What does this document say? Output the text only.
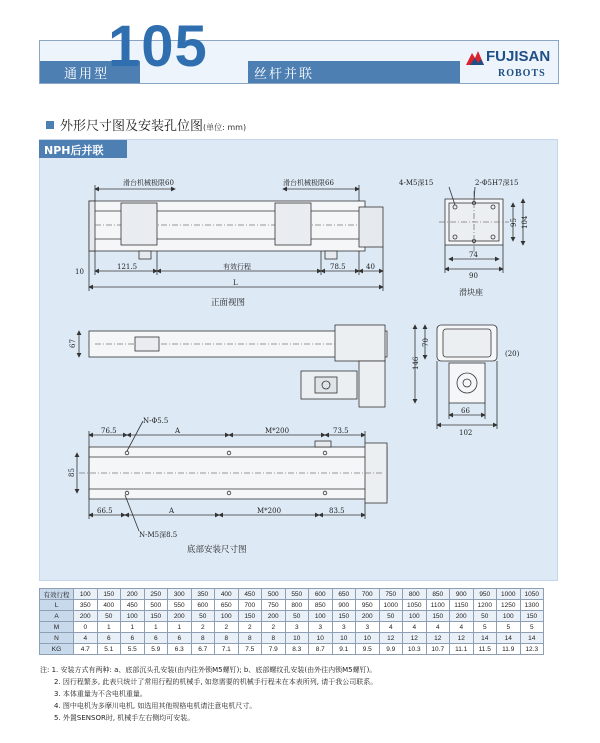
通用型
105	丝杆并联
FUJISAN
ROBOTS
外形尺寸图及安装孔位图(单位: mm)
NPH后并联
滑台机械极限60	滑台机械极限66
10
121.5	有效行程	78.5	40
L
正面视图
4-M5深15	2-Φ5H7深15
95 104
74
90
滑块座
67	70
146
(20)
66
102
N-Φ5.5
76.5	A	M*200	73.5
85
66.5	A	M*200	83.5
N-M5深8.5
底部安装尺寸图
有效行程	100	150	200	250	300	350	400	450	500	550	600	650	700	750	800	850	900	950	1000	1050
L	350	400	450	500	550	600	650	700	750	800	850	900	950	1000	1050	1100	1150	1200	1250	1300
A	200	50	100	150	200	50	100	150	200	50	100	150	200	50	100	150	200	50	100	150
M	0	1	1	1	1	2	2	2	2	3	3	3	3	4	4	4	4	5	5	5
N	4	6	6	6	6	8	8	8	8	10	10	10	10	12	12	12	12	14	14	14
KG	4.7	5.1	5.5	5.9	6.3	6.7	7.1	7.5	7.9	8.3	8.7	9.1	9.5	9.9	10.3	10.7	11.1	11.5	11.9	12.3
注: 1. 安装方式有两种: a、底部沉头孔安装(由内往外锁M5螺钉); b、底部螺纹孔安装(由外往内锁M5螺钉)。
2. 因行程繁多, 此表只统计了常用行程的机械手, 如您需要的机械手行程未在本表所列, 请于我公司联系。
3. 本体重量为不含电机重量。
4. 图中电机为多摩川电机, 如选用其他规格电机请注意电机尺寸。
5. 外置SENSOR时, 机械手左右侧均可安装。
